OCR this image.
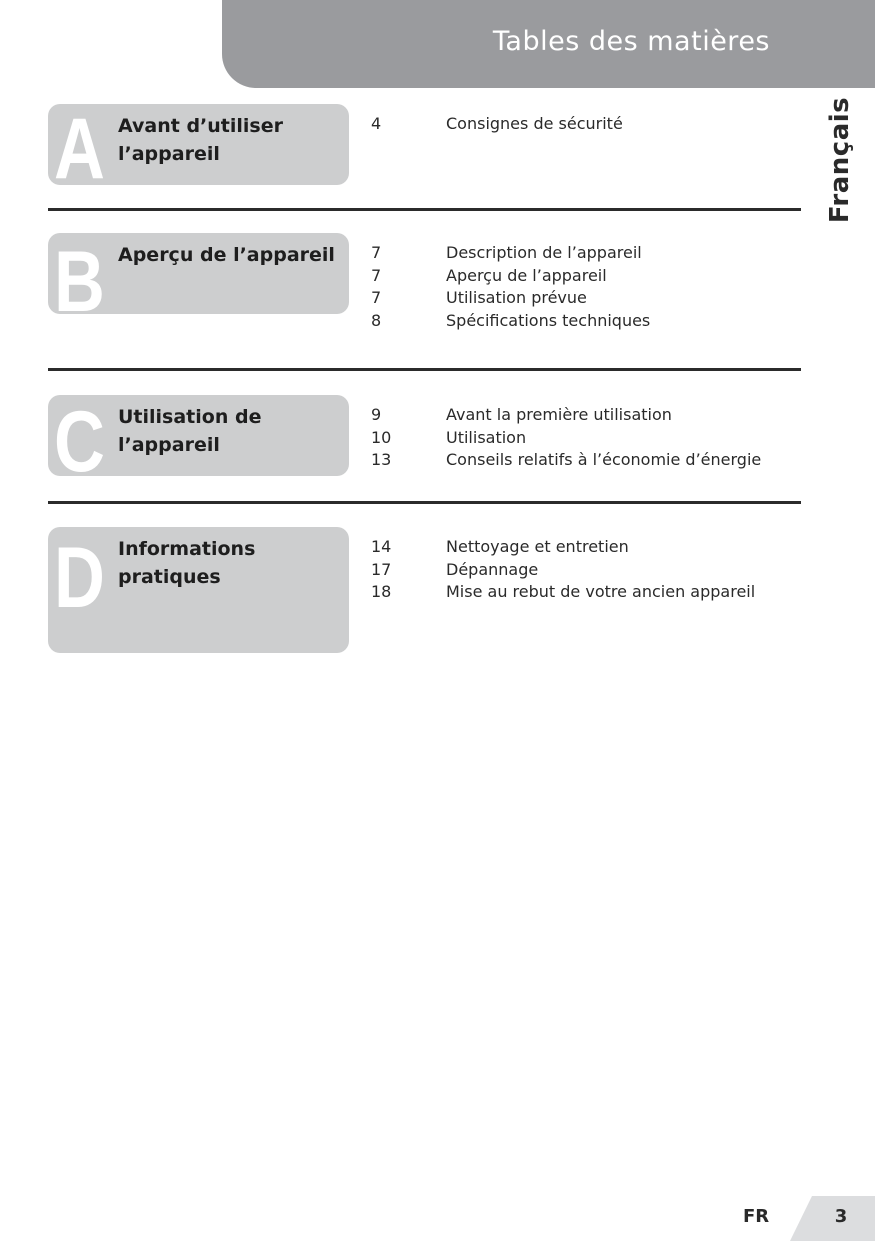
Tables des matières
Français
A Avant d’utiliser l’appareil
4	Consignes de sécurité
B Aperçu de l’appareil	7	Description de l’appareil
7	Aperçu de l’appareil
7	Utilisation prévue
8	Spécifications techniques
C Utilisation de l’appareil
9	Avant la première utilisation
10	Utilisation
13	Conseils relatifs à l’économie d’énergie
D Informations pratiques
14	Nettoyage et entretien
17	Dépannage
18	Mise au rebut de votre ancien appareil
FR	3
